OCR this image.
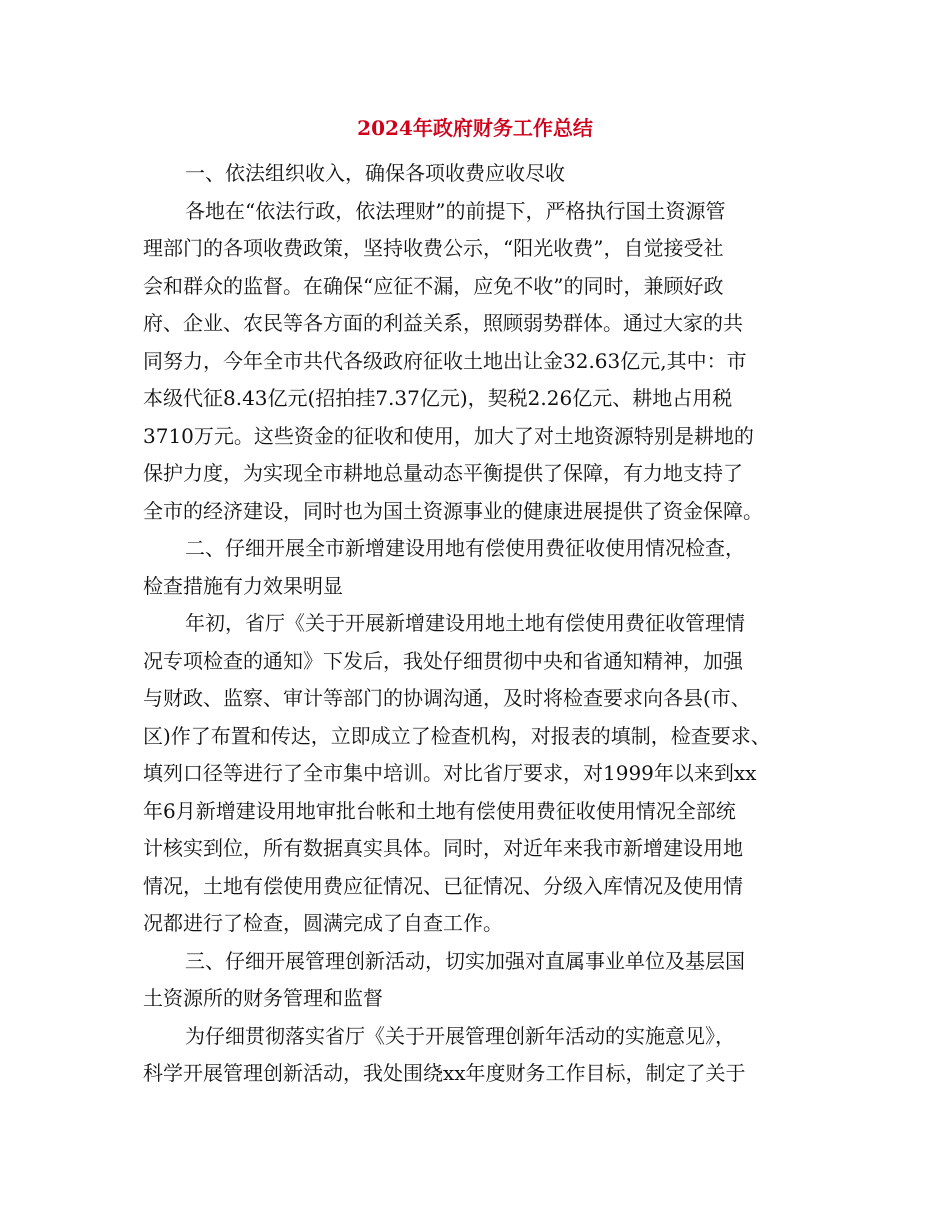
2024年政府财务工作总结

一、依法组织收入，确保各项收费应收尽收

各地在“依法行政，依法理财”的前提下，严格执行国土资源管

理部门的各项收费政策，坚持收费公示，“阳光收费”，自觉接受社

会和群众的监督。在确保“应征不漏，应免不收”的同时，兼顾好政

府、企业、农民等各方面的利益关系，照顾弱势群体。通过大家的共

同努力，今年全市共代各级政府征收土地出让金32.63亿元,其中：市

本级代征8.43亿元(招拍挂7.37亿元)，契税2.26亿元、耕地占用税

3710万元。这些资金的征收和使用，加大了对土地资源特别是耕地的

保护力度，为实现全市耕地总量动态平衡提供了保障，有力地支持了

全市的经济建设，同时也为国土资源事业的健康进展提供了资金保障。

二、仔细开展全市新增建设用地有偿使用费征收使用情况检查，

检查措施有力效果明显

年初，省厅《关于开展新增建设用地土地有偿使用费征收管理情

况专项检查的通知》下发后，我处仔细贯彻中央和省通知精神，加强

与财政、监察、审计等部门的协调沟通，及时将检查要求向各县(市、

区)作了布置和传达，立即成立了检查机构，对报表的填制，检查要求、

填列口径等进行了全市集中培训。对比省厅要求，对1999年以来到xx

年6月新增建设用地审批台帐和土地有偿使用费征收使用情况全部统

计核实到位，所有数据真实具体。同时，对近年来我市新增建设用地

情况，土地有偿使用费应征情况、已征情况、分级入库情况及使用情

况都进行了检查，圆满完成了自查工作。

三、仔细开展管理创新活动，切实加强对直属事业单位及基层国

土资源所的财务管理和监督

为仔细贯彻落实省厅《关于开展管理创新年活动的实施意见》，

科学开展管理创新活动，我处围绕xx年度财务工作目标，制定了关于
